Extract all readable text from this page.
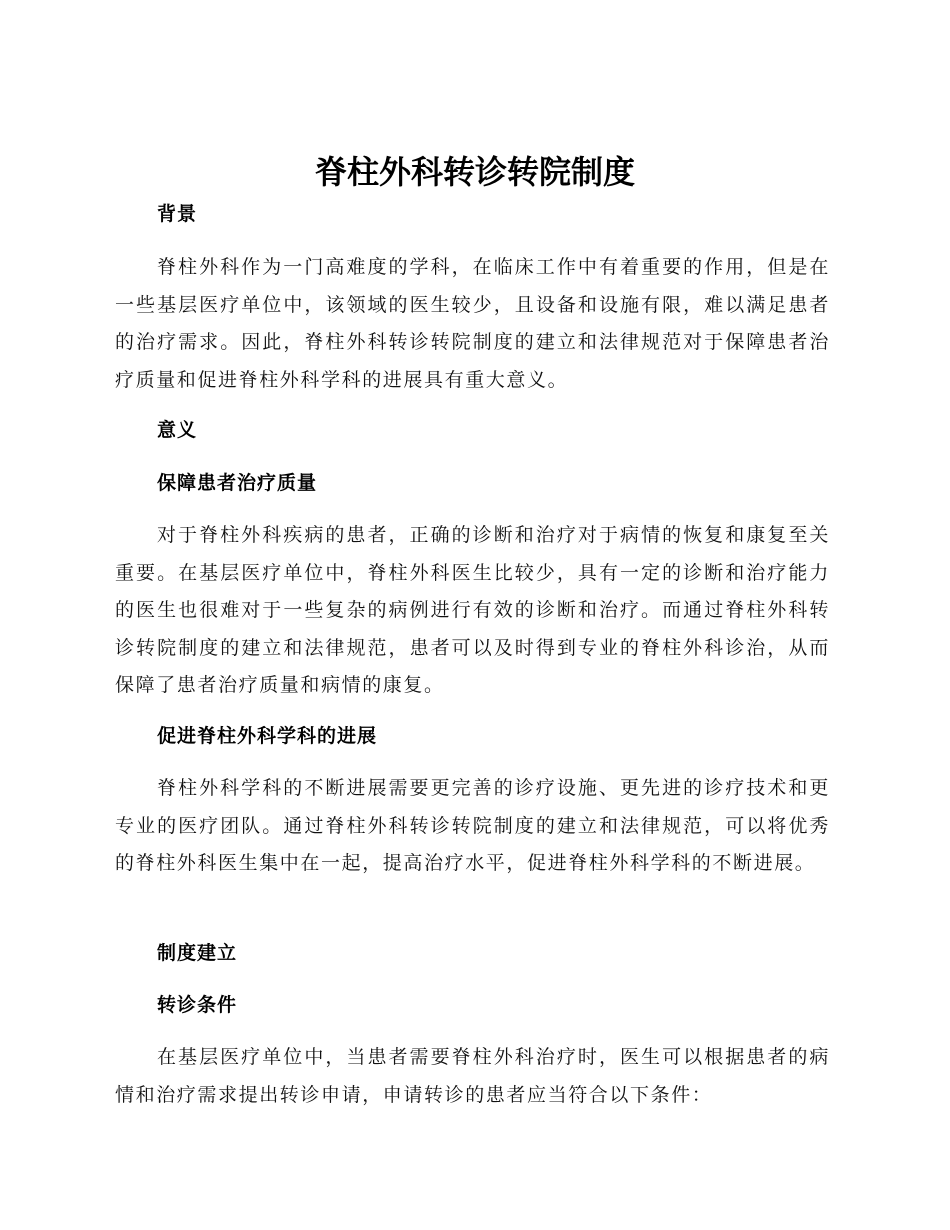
脊柱外科转诊转院制度
背景

脊柱外科作为一门高难度的学科，在临床工作中有着重要的作用，但是在一些基层医疗单位中，该领域的医生较少，且设备和设施有限，难以满足患者的治疗需求。因此，脊柱外科转诊转院制度的建立和法律规范对于保障患者治疗质量和促进脊柱外科学科的进展具有重大意义。

意义
保障患者治疗质量

对于脊柱外科疾病的患者，正确的诊断和治疗对于病情的恢复和康复至关重要。在基层医疗单位中，脊柱外科医生比较少，具有一定的诊断和治疗能力的医生也很难对于一些复杂的病例进行有效的诊断和治疗。而通过脊柱外科转诊转院制度的建立和法律规范，患者可以及时得到专业的脊柱外科诊治，从而保障了患者治疗质量和病情的康复。

促进脊柱外科学科的进展

脊柱外科学科的不断进展需要更完善的诊疗设施、更先进的诊疗技术和更专业的医疗团队。通过脊柱外科转诊转院制度的建立和法律规范，可以将优秀的脊柱外科医生集中在一起，提高治疗水平，促进脊柱外科学科的不断进展。

制度建立
转诊条件

在基层医疗单位中，当患者需要脊柱外科治疗时，医生可以根据患者的病情和治疗需求提出转诊申请，申请转诊的患者应当符合以下条件：
